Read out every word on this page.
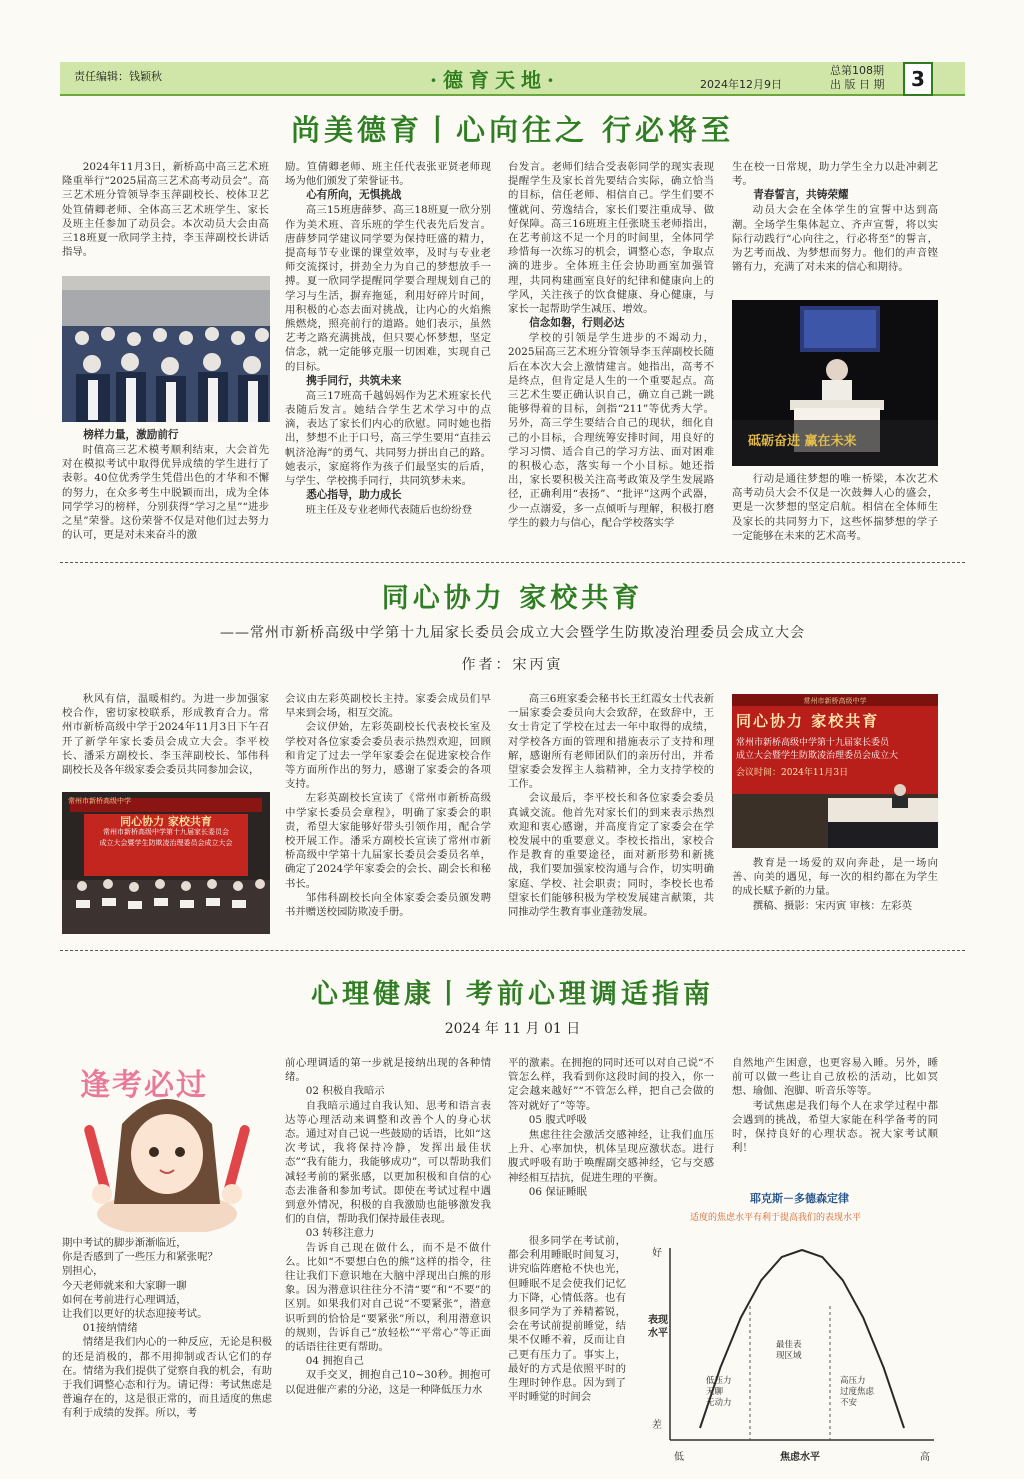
责任编辑：钱颖秋	·德育天地·	2024年12月9日
总第108期
出 版 日 期	3
尚美德育丨心向往之 行必将至

2024年11月3日，新桥高中高三艺术班隆重举行“2025届高三艺术高考动员会”。高三艺术班分管领导李玉萍副校长、校体卫艺处笪倩卿老师、全体高三艺术班学生、家长及班主任参加了动员会。本次动员大会由高三18班夏一欣同学主持，李玉萍副校长讲话指导。

榜样力量，激励前行

时值高三艺术模考顺利结束，大会首先对在模拟考试中取得优异成绩的学生进行了表彰。40位优秀学生凭借出色的才华和不懈的努力，在众多考生中脱颖而出，成为全体同学学习的榜样，分别获得“学习之星”“进步之星”荣誉。这份荣誉不仅是对他们过去努力的认可，更是对未来奋斗的激

励。笪倩卿老师、班主任代表张亚贤老师现场为他们颁发了荣誉证书。

心有所向，无惧挑战

高三15班唐薛梦、高三18班夏一欣分别作为美术班、音乐班的学生代表先后发言。唐薛梦同学建议同学要为保持旺盛的精力，提高每节专业课的课堂效率，及时与专业老师交流探讨，拼劲全力为自己的梦想放手一搏。夏一欣同学提醒同学要合理规划自己的学习与生活，摒弃拖延，利用好碎片时间，用积极的心态去面对挑战，让内心的火焰熊熊燃烧，照亮前行的道路。她们表示，虽然艺考之路充满挑战，但只要心怀梦想，坚定信念，就一定能够克服一切困难，实现自己的目标。

携手同行，共筑未来

高三17班高千越妈妈作为艺术班家长代表随后发言。她结合学生艺术学习中的点滴，表达了家长们内心的欣慰。同时她也指出，梦想不止于口号，高三学生要用“直挂云帆济沧海”的勇气、共同努力拼出自己的路。她表示，家庭将作为孩子们最坚实的后盾，与学生、学校携手同行，共同筑梦未来。

悉心指导，助力成长

班主任及专业老师代表随后也纷纷登

台发言。老师们结合受表彰同学的现实表现提醒学生及家长首先要结合实际，确立恰当的目标，信任老师、相信自己。学生们要不懂就问、劳逸结合，家长们要注重成导、做好保障。高三16班班主任张晓玉老师指出，在艺考前这不足一个月的时间里，全体同学珍惜每一次练习的机会，调整心态，争取点滴的进步。全体班主任会协助画室加强管理，共同构建画室良好的纪律和健康向上的学风，关注孩子的饮食健康、身心健康，与家长一起帮助学生减压、增效。

信念如磐，行则必达

学校的引领是学生进步的不竭动力，2025届高三艺术班分管领导李玉萍副校长随后在本次大会上激情建言。她指出，高考不是终点，但肯定是人生的一个重要起点。高三艺术生要正确认识自己，确立自己跳一跳能够得着的目标，剑指“211”等优秀大学。另外，高三学生要结合自己的现状，细化自己的小目标，合理统筹安排时间，用良好的学习习惯、适合自己的学习方法、面对困难的积极心态，落实每一个小目标。她还指出，家长要积极关注高考政策及学生发展路径，正确利用“表扬”、“批评”这两个武器，少一点溺爱，多一点倾听与理解，积极打磨学生的毅力与信心，配合学校落实学

生在校一日常规，助力学生全力以赴冲刺艺考。

青春誓言，共铸荣耀

动员大会在全体学生的宣誓中达到高潮。全场学生集体起立、齐声宣誓，将以实际行动践行“心向往之，行必将至”的誓言，为艺考而战、为梦想而努力。他们的声音铿锵有力，充满了对未来的信心和期待。

砥砺奋进 赢在未来

行动是通往梦想的唯一桥梁，本次艺术高考动员大会不仅是一次鼓舞人心的盛会，更是一次梦想的坚定启航。相信在全体师生及家长的共同努力下，这些怀揣梦想的学子一定能够在未来的艺术高考。

同心协力 家校共育
——常州市新桥高级中学第十九届家长委员会成立大会暨学生防欺凌治理委员会成立大会
作者：宋丙寅

秋风有信，温暖相约。为进一步加强家校合作，密切家校联系，形成教育合力。常州市新桥高级中学于2024年11月3日下午召开了新学年家长委员会成立大会。李平校长、潘采方副校长、李玉萍副校长、邹伟科副校长及各年级家委会委员共同参加会议，

常州市新桥高级中学
同心协力 家校共育
常州市新桥高级中学第十九届家长委员会
成立大会暨学生防欺凌治理委员会成立大会

会议由左彩英副校长主持。家委会成员们早早来到会场，相互交流。

会议伊始，左彩英副校长代表校长室及学校对各位家委会委员表示热烈欢迎，回顾和肯定了过去一学年家委会在促进家校合作等方面所作出的努力，感谢了家委会的各项支持。

左彩英副校长宣读了《常州市新桥高级中学家长委员会章程》，明确了家委会的职责，希望大家能够好带头引领作用，配合学校开展工作。潘采方副校长宣读了常州市新桥高级中学第十九届家长委员会委员名单，确定了2024学年家委会的会长、副会长和秘书长。

邹伟科副校长向全体家委会委员颁发聘书并赠送校园防欺凌手册。

高三6班家委会秘书长王红霞女士代表新一届家委会委员向大会致辞，在致辞中，王女士肯定了学校在过去一年中取得的成绩，对学校各方面的管理和措施表示了支持和理解，感谢所有老师团队们的亲历付出，并希望家委会发挥主人翁精神，全力支持学校的工作。

会议最后，李平校长和各位家委会委员真诚交流。他首先对家长们的到来表示热烈欢迎和衷心感谢，并高度肯定了家委会在学校发展中的重要意义。李校长指出，家校合作是教育的重要途径，面对新形势和新挑战，我们要加强家校沟通与合作，切实明确家庭、学校、社会职责；同时，李校长也希望家长们能够积极为学校发展建言献策，共同推动学生教育事业蓬勃发展。

常州市新桥高级中学
同心协力 家校共育
常州市新桥高级中学第十九届家长委员
成立大会暨学生防欺凌治理委员会成立大
会议时间：2024年11月3日

教育是一场爱的双向奔赴，是一场向善、向美的遇见，每一次的相约都在为学生的成长赋予新的力量。

撰稿、摄影：宋丙寅 审核：左彩英

心理健康丨考前心理调适指南
2024 年 11 月 01 日
逢考必过
期中考试的脚步渐渐临近，
你是否感到了一些压力和紧张呢？
别担心，
今天老师就来和大家聊一聊
如何在考前进行心理调适，
让我们以更好的状态迎接考试。

01接纳情绪

情绪是我们内心的一种反应，无论是积极的还是消极的，都不用抑制或否认它们的存在。情绪为我们提供了觉察自我的机会，有助于我们调整心态和行为。请记得：考试焦虑是普遍存在的，这是很正常的，而且适度的焦虑有利于成绩的发挥。所以，考

前心理调适的第一步就是接纳出现的各种情绪。

02 积极自我暗示

自我暗示通过自我认知、思考和语言表达等心理活动来调整和改善个人的身心状态。通过对自己说一些鼓励的话语，比如“这次考试，我将保持冷静，发挥出最佳状态”“我有能力，我能够成功”，可以帮助我们减轻考前的紧张感，以更加积极和自信的心态去准备和参加考试。即使在考试过程中遇到意外情况，积极的自我激励也能够激发我们的自信，帮助我们保持最佳表现。

03 转移注意力

告诉自己现在做什么，而不是不做什么。比如“不要想白色的熊”这样的指令，往往让我们下意识地在大脑中浮现出白熊的形象。因为潜意识往往分不清“要”和“不要”的区别。如果我们对自己说“不要紧张”，潜意识听到的恰恰是“要紧张”所以，利用潜意识的规则，告诉自己“放轻松”“平常心”等正面的话语往往更有帮助。

04 拥抱自己

双手交叉，拥抱自己10~30秒。拥抱可以促进催产素的分泌，这是一种降低压力水

平的激素。在拥抱的同时还可以对自己说“不管怎么样，我看到你这段时间的投入，你一定会越来越好”“不管怎么样，把自己会做的答对就好了”等等。

05 腹式呼吸

焦虑往往会激活交感神经，让我们血压上升、心率加快，机体呈现应激状态。进行腹式呼吸有助于唤醒副交感神经，它与交感神经相互拮抗，促进生理的平衡。

06 保证睡眠

很多同学在考试前，都会利用睡眠时间复习，讲究临阵磨枪不快也光，但睡眠不足会使我们记忆力下降，心情低落。也有很多同学为了养精蓄锐，会在考试前提前睡觉，结果不仅睡不着，反而让自己更有压力了。事实上，最好的方式是依照平时的生理时钟作息。因为到了平时睡觉的时间会

自然地产生困意，也更容易入睡。另外，睡前可以做一些让自己放松的活动，比如冥想、瑜伽、泡脚、听音乐等等。

考试焦虑是我们每个人在求学过程中都会遇到的挑战，希望大家能在科学备考的同时，保持良好的心理状态。祝大家考试顺利！

耶克斯－多德森定律
适度的焦虑水平有利于提高我们的表现水平
好
差
表现水平
低	高
焦虑水平
低压力
无聊
无动力
最佳表
现区域
高压力
过度焦虑
不安
